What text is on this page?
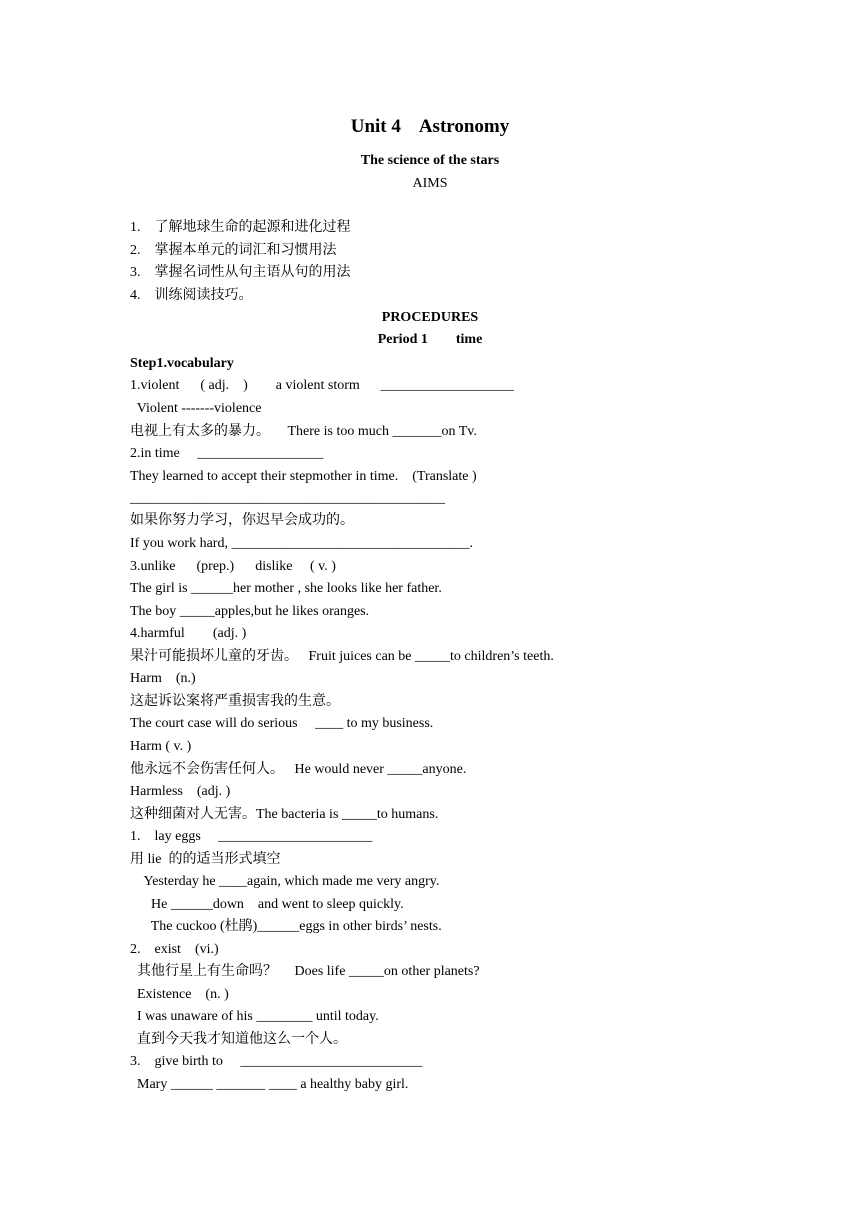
Unit 4    Astronomy
The science of the stars
AIMS
1.    了解地球生命的起源和进化过程
2.    掌握本单元的词汇和习惯用法
3.    掌握名词性从句主语从句的用法
4.    训练阅读技巧。
PROCEDURES
Period 1        time
Step1.vocabulary
1.violent      ( adj.    )        a violent storm      ___________________
Violent -------violence
电视上有太多的暴力。     There is too much _______on Tv.
2.in time     __________________
They learned to accept their stepmother in time.    (Translate )
_____________________________________________
如果你努力学习，你迟早会成功的。
If you work hard, __________________________________.
3.unlike      (prep.)      dislike     ( v. )
The girl is ______her mother , she looks like her father.
The boy _____apples,but he likes oranges.
4.harmful        (adj. )
果汁可能损坏儿童的牙齿。   Fruit juices can be _____to children’s teeth.
Harm    (n.)
这起诉讼案将严重损害我的生意。
The court case will do serious     ____ to my business.
Harm ( v. )
他永远不会伤害任何人。   He would never _____anyone.
Harmless    (adj. )
这种细菌对人无害。The bacteria is _____to humans.
1.    lay eggs     ______________________
用 lie  的的适当形式填空
Yesterday he ____again, which made me very angry.
He ______down    and went to sleep quickly.
The cuckoo (杜鹃)______eggs in other birds’ nests.
2.    exist    (vi.)
其他行星上有生命吗？     Does life _____on other planets?
Existence    (n. )
I was unaware of his ________ until today.
直到今天我才知道他这么一个人。
3.    give birth to     __________________________
Mary ______ _______ ____ a healthy baby girl.
